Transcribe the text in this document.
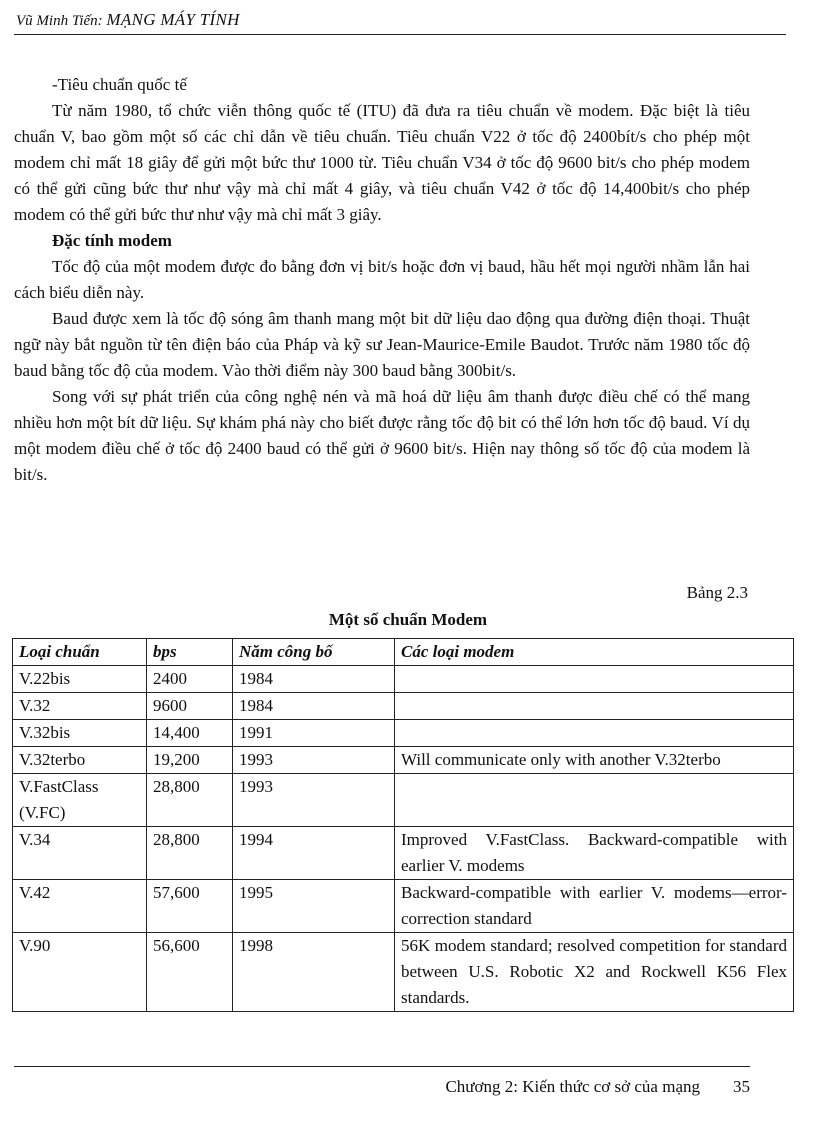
Vũ Minh Tiến: MẠNG MÁY TÍNH

-Tiêu chuẩn quốc tế

Từ năm 1980, tổ chức viễn thông quốc tế (ITU) đã đưa ra tiêu chuẩn về modem. Đặc biệt là tiêu chuẩn V, bao gồm một số các chỉ dẫn về tiêu chuẩn. Tiêu chuẩn V22 ở tốc độ 2400bít/s cho phép một modem chỉ mất 18 giây để gửi một bức thư 1000 từ. Tiêu chuẩn V34 ở tốc độ 9600 bit/s cho phép modem có thể gửi cũng bức thư như vậy mà chỉ mất 4 giây, và tiêu chuẩn V42 ở tốc độ 14,400bit/s cho phép modem có thể gửi bức thư như vậy mà chỉ mất 3 giây.

Đặc tính modem

Tốc độ của một modem được đo bằng đơn vị bit/s hoặc đơn vị baud, hầu hết mọi người nhầm lẫn hai cách biểu diễn này.

Baud được xem là tốc độ sóng âm thanh mang một bit dữ liệu dao động qua đường điện thoại. Thuật ngữ này bắt nguồn từ tên điện báo của Pháp và kỹ sư Jean-Maurice-Emile Baudot. Trước năm 1980 tốc độ baud bằng tốc độ của modem. Vào thời điểm này 300 baud bằng 300bit/s.

Song với sự phát triển của công nghệ nén và mã hoá dữ liệu âm thanh được điều chế có thể mang nhiều hơn một bít dữ liệu. Sự khám phá này cho biết được rằng tốc độ bit có thể lớn hơn tốc độ baud. Ví dụ một modem điều chế ở tốc độ 2400 baud có thể gửi ở 9600 bit/s. Hiện nay thông số tốc độ của modem là bit/s.

Bảng 2.3
Một số chuẩn Modem
Loại chuẩn	bps	Năm công bố	Các loại modem
V.22bis	2400	1984	
V.32	9600	1984	
V.32bis	14,400	1991	
V.32terbo	19,200	1993	Will communicate only with another V.32terbo
V.FastClass (V.FC)	28,800	1993	
V.34	28,800	1994	Improved V.FastClass. Backward-compatible with earlier V. modems
V.42	57,600	1995	Backward-compatible with earlier V. modems—error-correction standard
V.90	56,600	1998	56K modem standard; resolved competition for standard between U.S. Robotic X2 and Rockwell K56 Flex standards.
Chương 2: Kiến thức cơ sở của mạng 35
